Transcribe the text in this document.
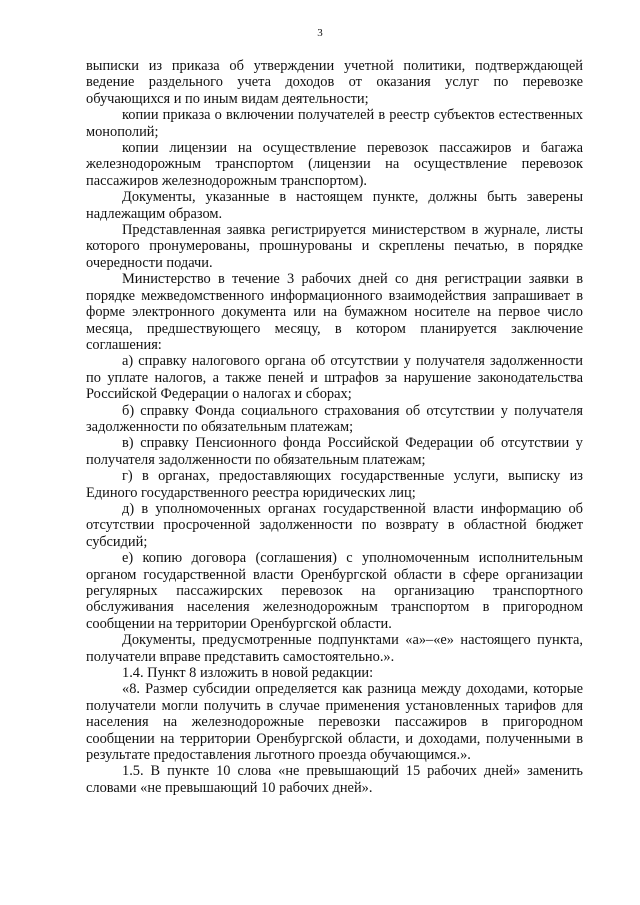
3

выписки из приказа об утверждении учетной политики, подтверждающей ведение раздельного учета доходов от оказания услуг по перевозке обучающихся и по иным видам деятельности;

копии приказа о включении получателей в реестр субъектов естественных монополий;

копии лицензии на осуществление перевозок пассажиров и багажа железнодорожным транспортом (лицензии на осуществление перевозок пассажиров железнодорожным транспортом).

Документы, указанные в настоящем пункте, должны быть заверены надлежащим образом.

Представленная заявка регистрируется министерством в журнале, листы которого пронумерованы, прошнурованы и скреплены печатью, в порядке очередности подачи.

Министерство в течение 3 рабочих дней со дня регистрации заявки в порядке межведомственного информационного взаимодействия запрашивает в форме электронного документа или на бумажном носителе на первое число месяца, предшествующего месяцу, в котором планируется заключение соглашения:

а) справку налогового органа об отсутствии у получателя задолженности по уплате налогов, а также пеней и штрафов за нарушение законодательства Российской Федерации о налогах и сборах;

б) справку Фонда социального страхования об отсутствии у получателя задолженности по обязательным платежам;

в) справку Пенсионного фонда Российской Федерации об отсутствии у получателя задолженности по обязательным платежам;

г) в органах, предоставляющих государственные услуги, выписку из Единого государственного реестра юридических лиц;

д) в уполномоченных органах государственной власти информацию об отсутствии просроченной задолженности по возврату в областной бюджет субсидий;

е) копию договора (соглашения) с уполномоченным исполнительным органом государственной власти Оренбургской области в сфере организации регулярных пассажирских перевозок на организацию транспортного обслуживания населения железнодорожным транспортом в пригородном сообщении на территории Оренбургской области.

Документы, предусмотренные подпунктами «а»–«е» настоящего пункта, получатели вправе представить самостоятельно.».

1.4. Пункт 8 изложить в новой редакции:

«8. Размер субсидии определяется как разница между доходами, которые получатели могли получить в случае применения установленных тарифов для населения на железнодорожные перевозки пассажиров в пригородном сообщении на территории Оренбургской области, и доходами, полученными в результате предоставления льготного проезда обучающимся.».

1.5. В пункте 10 слова «не превышающий 15 рабочих дней» заменить словами «не превышающий 10 рабочих дней».
